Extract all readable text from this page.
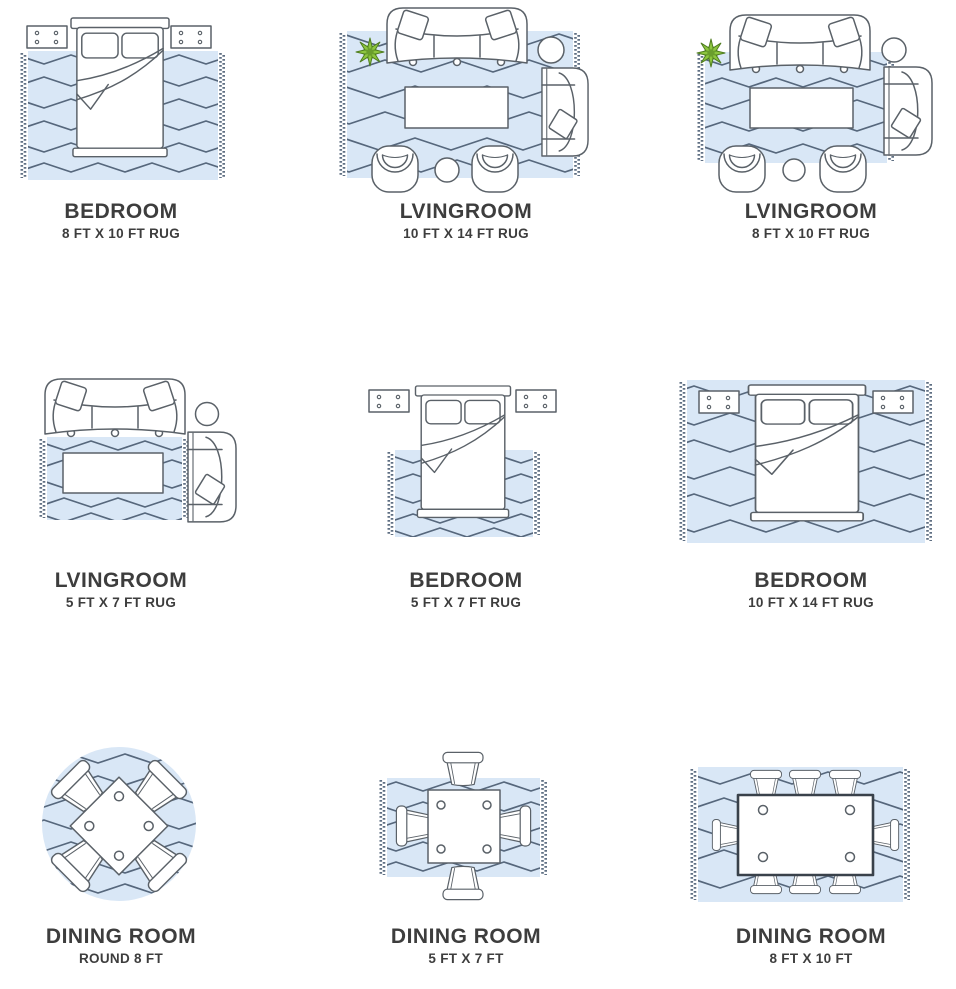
BEDROOM
8 FT X 10 FT RUG
LVINGROOM
10 FT X 14 FT RUG
LVINGROOM
8 FT X 10 FT RUG
LVINGROOM
5 FT X 7 FT RUG
BEDROOM
5 FT X 7 FT RUG
BEDROOM
10 FT X 14 FT RUG
DINING ROOM
ROUND 8 FT
DINING ROOM
5 FT X 7 FT
DINING ROOM
8 FT X 10 FT
